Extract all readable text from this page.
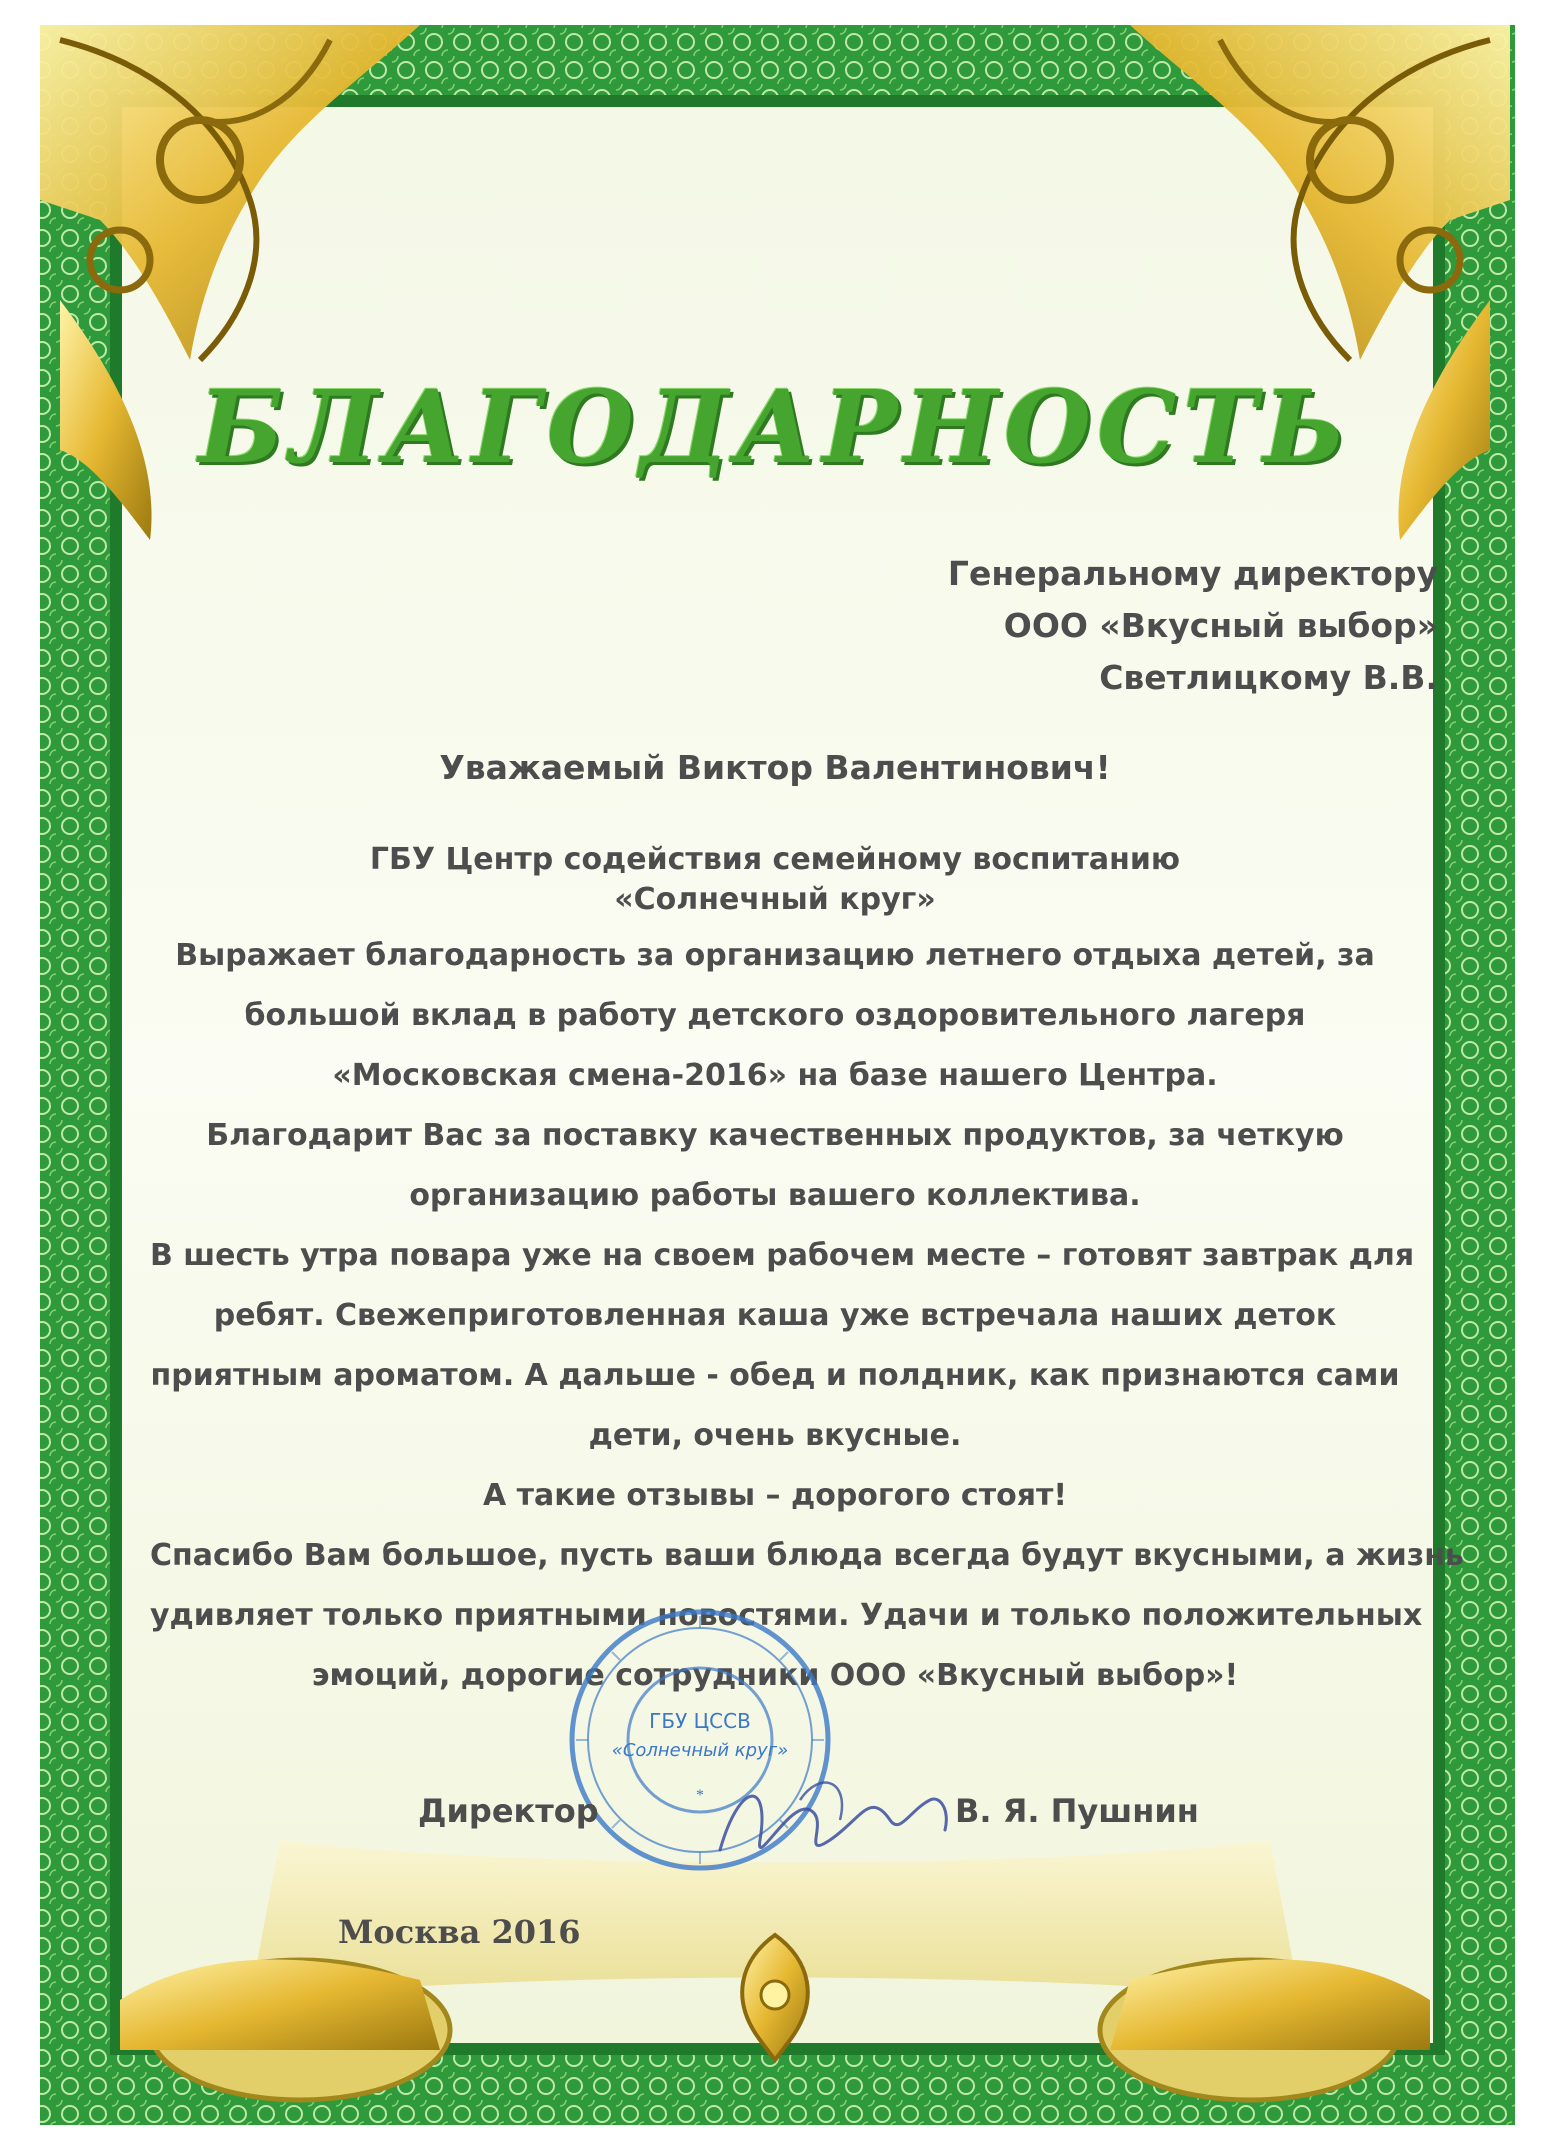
БЛАГОДАРНОСТЬ
Генеральному директору
ООО «Вкусный выбор»
Светлицкому В.В.
Уважаемый Виктор Валентинович!
ГБУ Центр содействия семейному воспитанию
«Солнечный круг»
Выражает благодарность за организацию летнего отдыха детей, за
большой вклад в работу детского оздоровительного лагеря
«Московская смена-2016» на базе нашего Центра.
Благодарит Вас за поставку качественных продуктов, за четкую
организацию работы вашего коллектива.
В шесть утра повара уже на своем рабочем месте – готовят завтрак для
ребят. Свежеприготовленная каша уже встречала наших деток
приятным ароматом. А дальше - обед и полдник, как признаются сами
дети, очень вкусные.
А такие отзывы – дорогого стоят!
Спасибо Вам большое, пусть ваши блюда всегда будут вкусными, а жизнь
удивляет только приятными новостями. Удачи и только положительных
эмоций, дорогие сотрудники ООО «Вкусный выбор»!
ГБУ ЦССВ
«Солнечный круг»
*
Директор	В. Я. Пушнин
Москва 2016
